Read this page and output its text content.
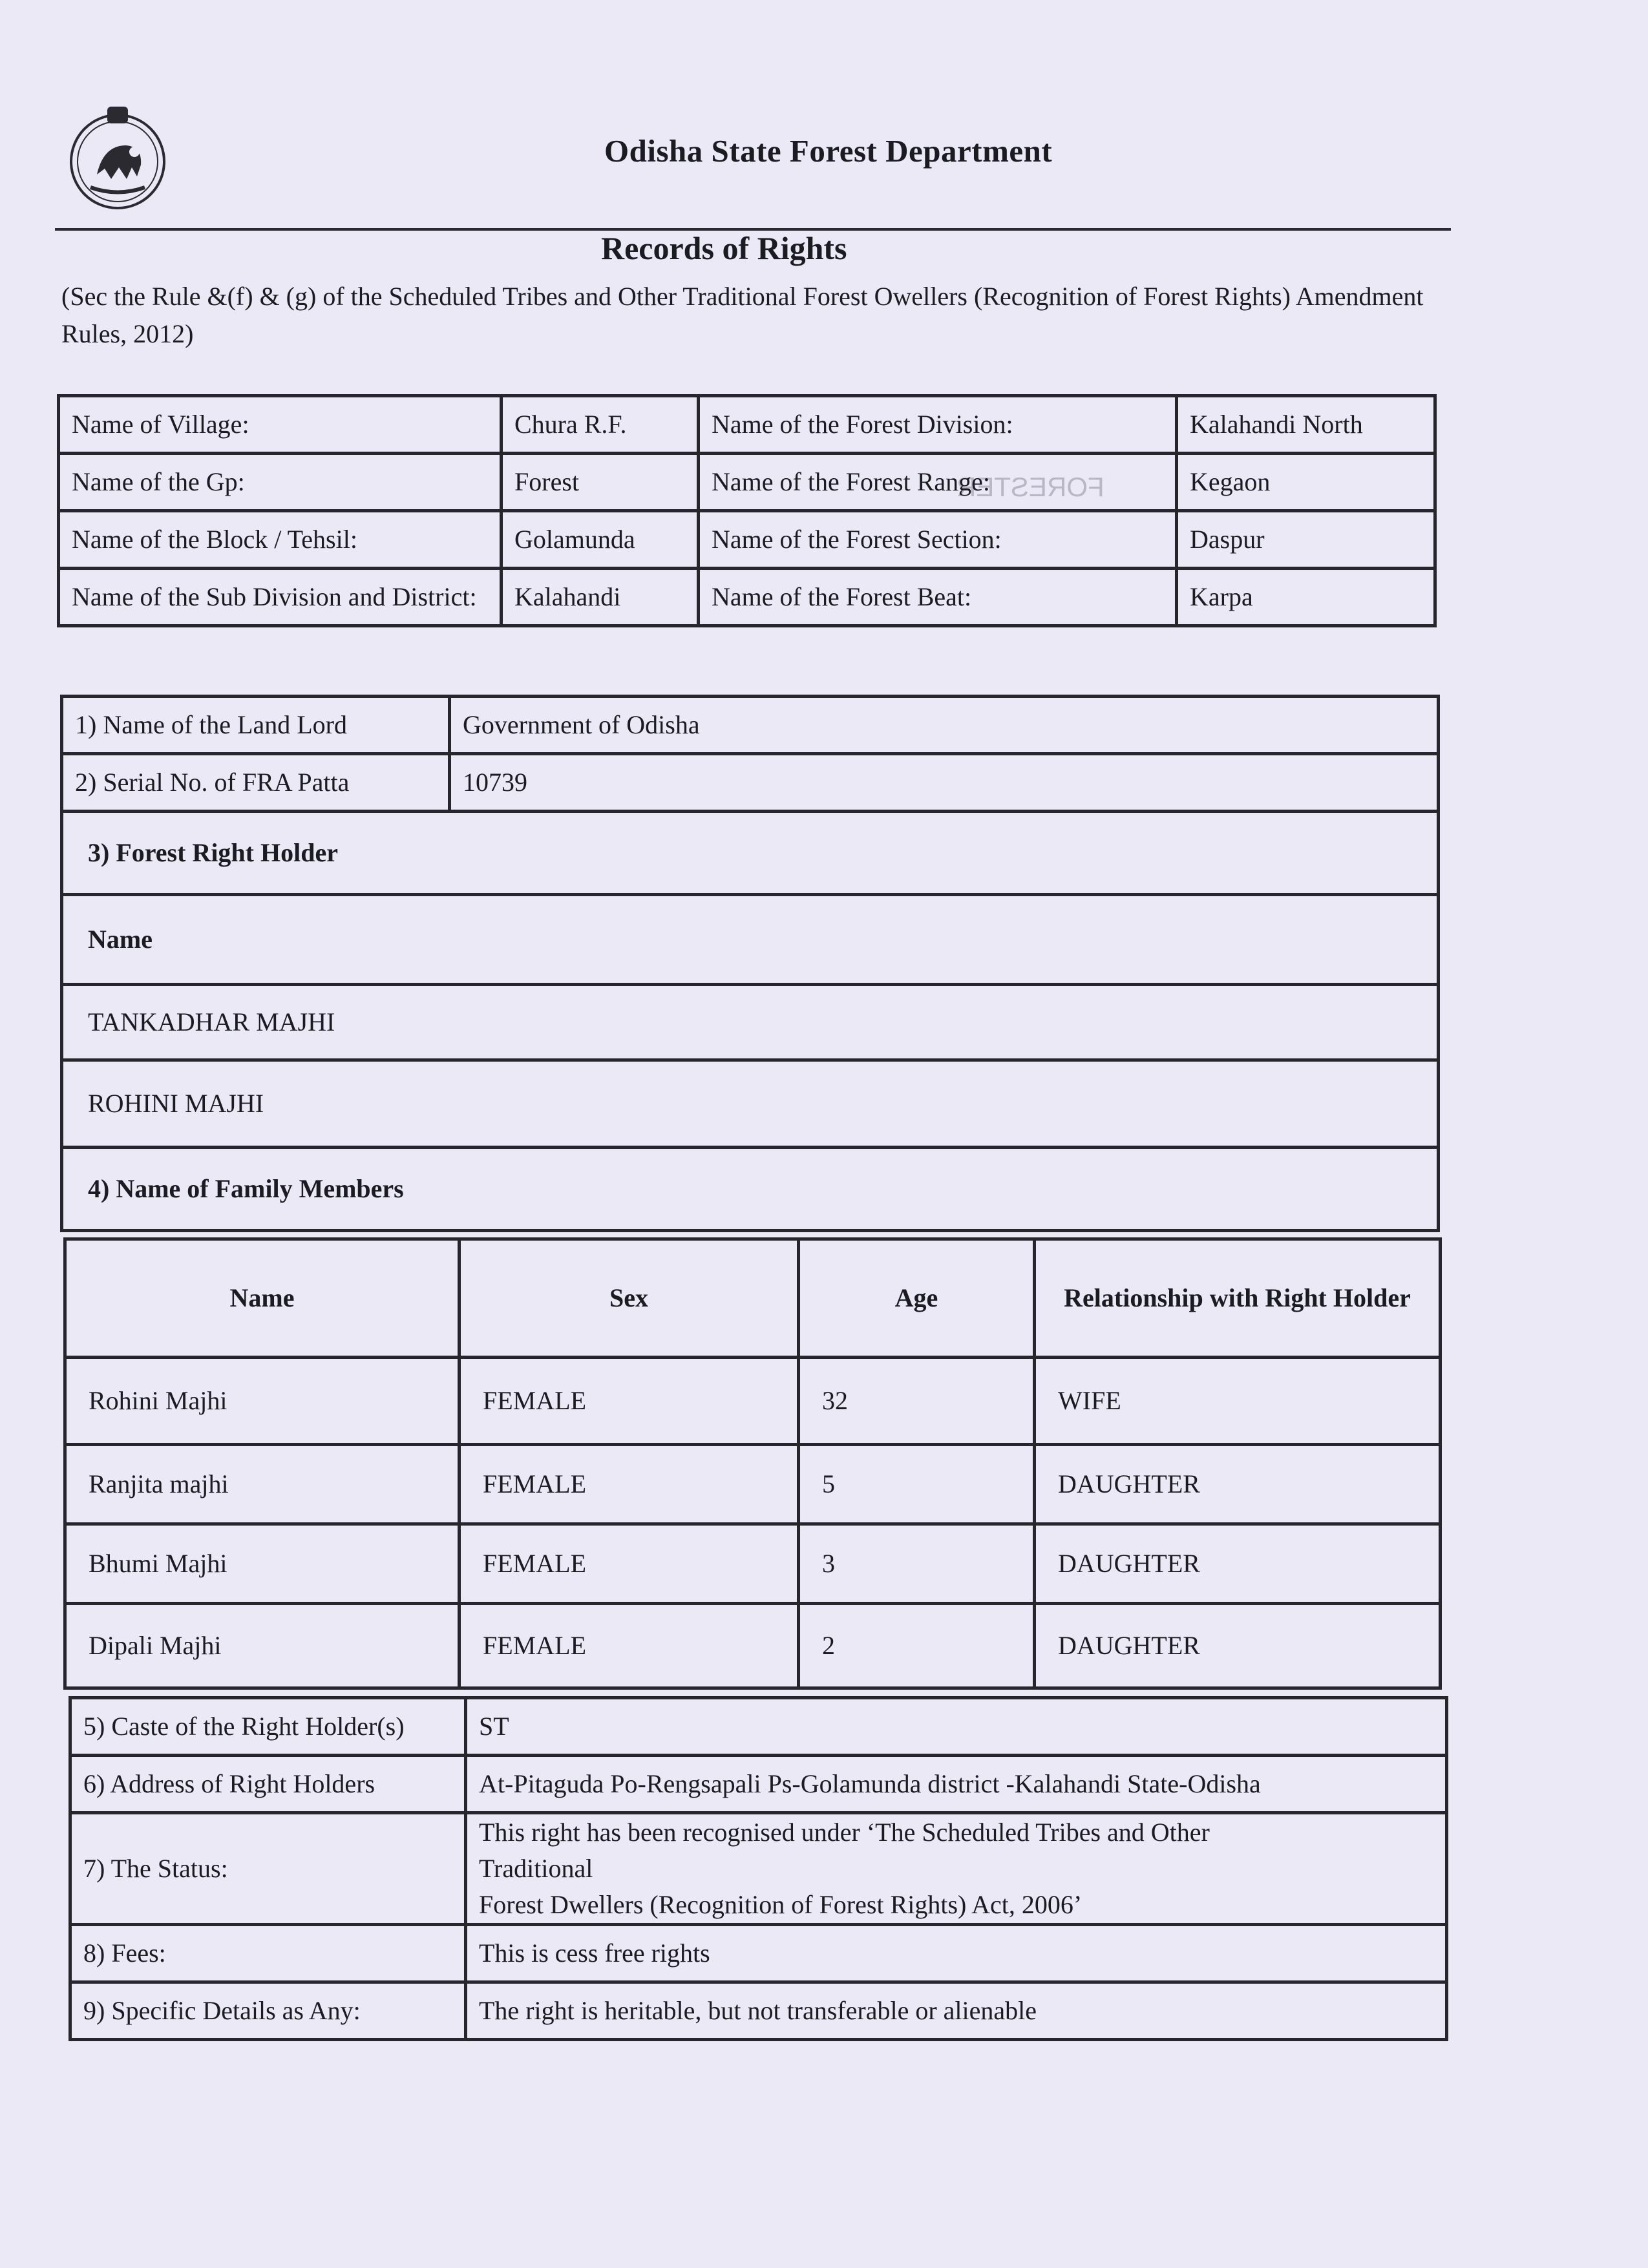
FORESTER
Odisha State Forest Department
Records of Rights
(Sec the Rule &(f) & (g) of the Scheduled Tribes and Other Traditional Forest Owellers (Recognition of Forest Rights) Amendment Rules, 2012)
Name of Village:	Chura R.F.	Name of the Forest Division:	Kalahandi North
Name of the Gp:	Forest	Name of the Forest Range:	Kegaon
Name of the Block / Tehsil:	Golamunda	Name of the Forest Section:	Daspur
Name of the Sub Division and District:	Kalahandi	Name of the Forest Beat:	Karpa
1) Name of the Land Lord	Government of Odisha
2) Serial No. of FRA Patta	10739
3) Forest Right Holder	
Name	
TANKADHAR MAJHI	
ROHINI MAJHI	
4) Name of Family Members	
Name	Sex	Age	Relationship with Right Holder
Rohini Majhi	FEMALE	32	WIFE
Ranjita majhi	FEMALE	5	DAUGHTER
Bhumi Majhi	FEMALE	3	DAUGHTER
Dipali Majhi	FEMALE	2	DAUGHTER
5) Caste of the Right Holder(s)	ST
6) Address of Right Holders	At-Pitaguda Po-Rengsapali Ps-Golamunda district -Kalahandi State-Odisha
7) The Status:	This right has been recognised under ‘The Scheduled Tribes and Other
Traditional
Forest Dwellers (Recognition of Forest Rights) Act, 2006’

8) Fees:	This is cess free rights
9) Specific Details as Any:	The right is heritable, but not transferable or alienable
